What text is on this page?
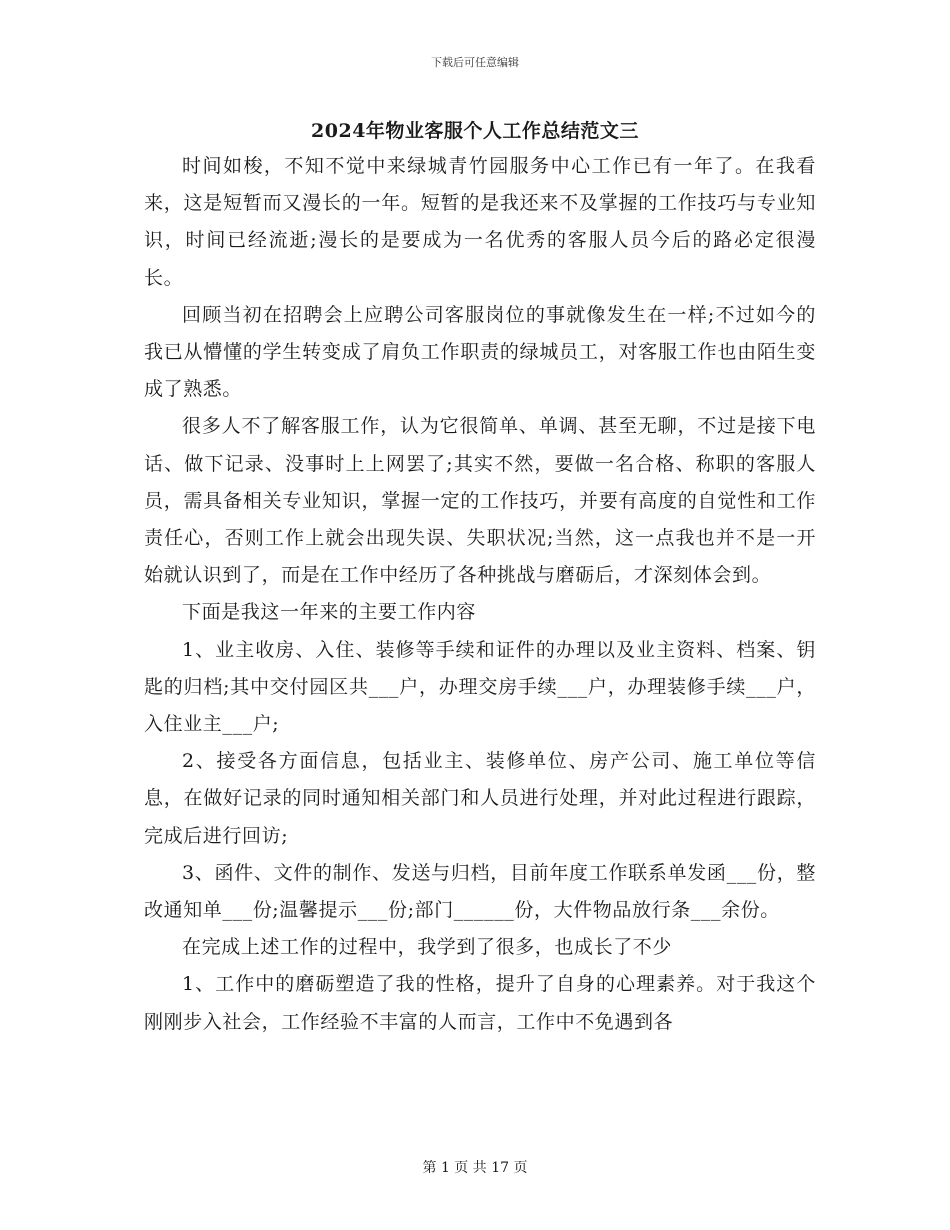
下载后可任意编辑
2024年物业客服个人工作总结范文三

时间如梭，不知不觉中来绿城青竹园服务中心工作已有一年了。在我看来，这是短暂而又漫长的一年。短暂的是我还来不及掌握的工作技巧与专业知识，时间已经流逝;漫长的是要成为一名优秀的客服人员今后的路必定很漫长。

回顾当初在招聘会上应聘公司客服岗位的事就像发生在一样;不过如今的我已从懵懂的学生转变成了肩负工作职责的绿城员工，对客服工作也由陌生变成了熟悉。

很多人不了解客服工作，认为它很简单、单调、甚至无聊，不过是接下电话、做下记录、没事时上上网罢了;其实不然，要做一名合格、称职的客服人员，需具备相关专业知识，掌握一定的工作技巧，并要有高度的自觉性和工作责任心，否则工作上就会出现失误、失职状况;当然，这一点我也并不是一开始就认识到了，而是在工作中经历了各种挑战与磨砺后，才深刻体会到。

下面是我这一年来的主要工作内容

1、业主收房、入住、装修等手续和证件的办理以及业主资料、档案、钥匙的归档;其中交付园区共___户，办理交房手续___户，办理装修手续___户，入住业主___户;

2、接受各方面信息，包括业主、装修单位、房产公司、施工单位等信息，在做好记录的同时通知相关部门和人员进行处理，并对此过程进行跟踪，完成后进行回访;

3、函件、文件的制作、发送与归档，目前年度工作联系单发函___份，整改通知单___份;温馨提示___份;部门______份，大件物品放行条___余份。

在完成上述工作的过程中，我学到了很多，也成长了不少

1、工作中的磨砺塑造了我的性格，提升了自身的心理素养。对于我这个刚刚步入社会，工作经验不丰富的人而言，工作中不免遇到各

第 1 页 共 17 页
